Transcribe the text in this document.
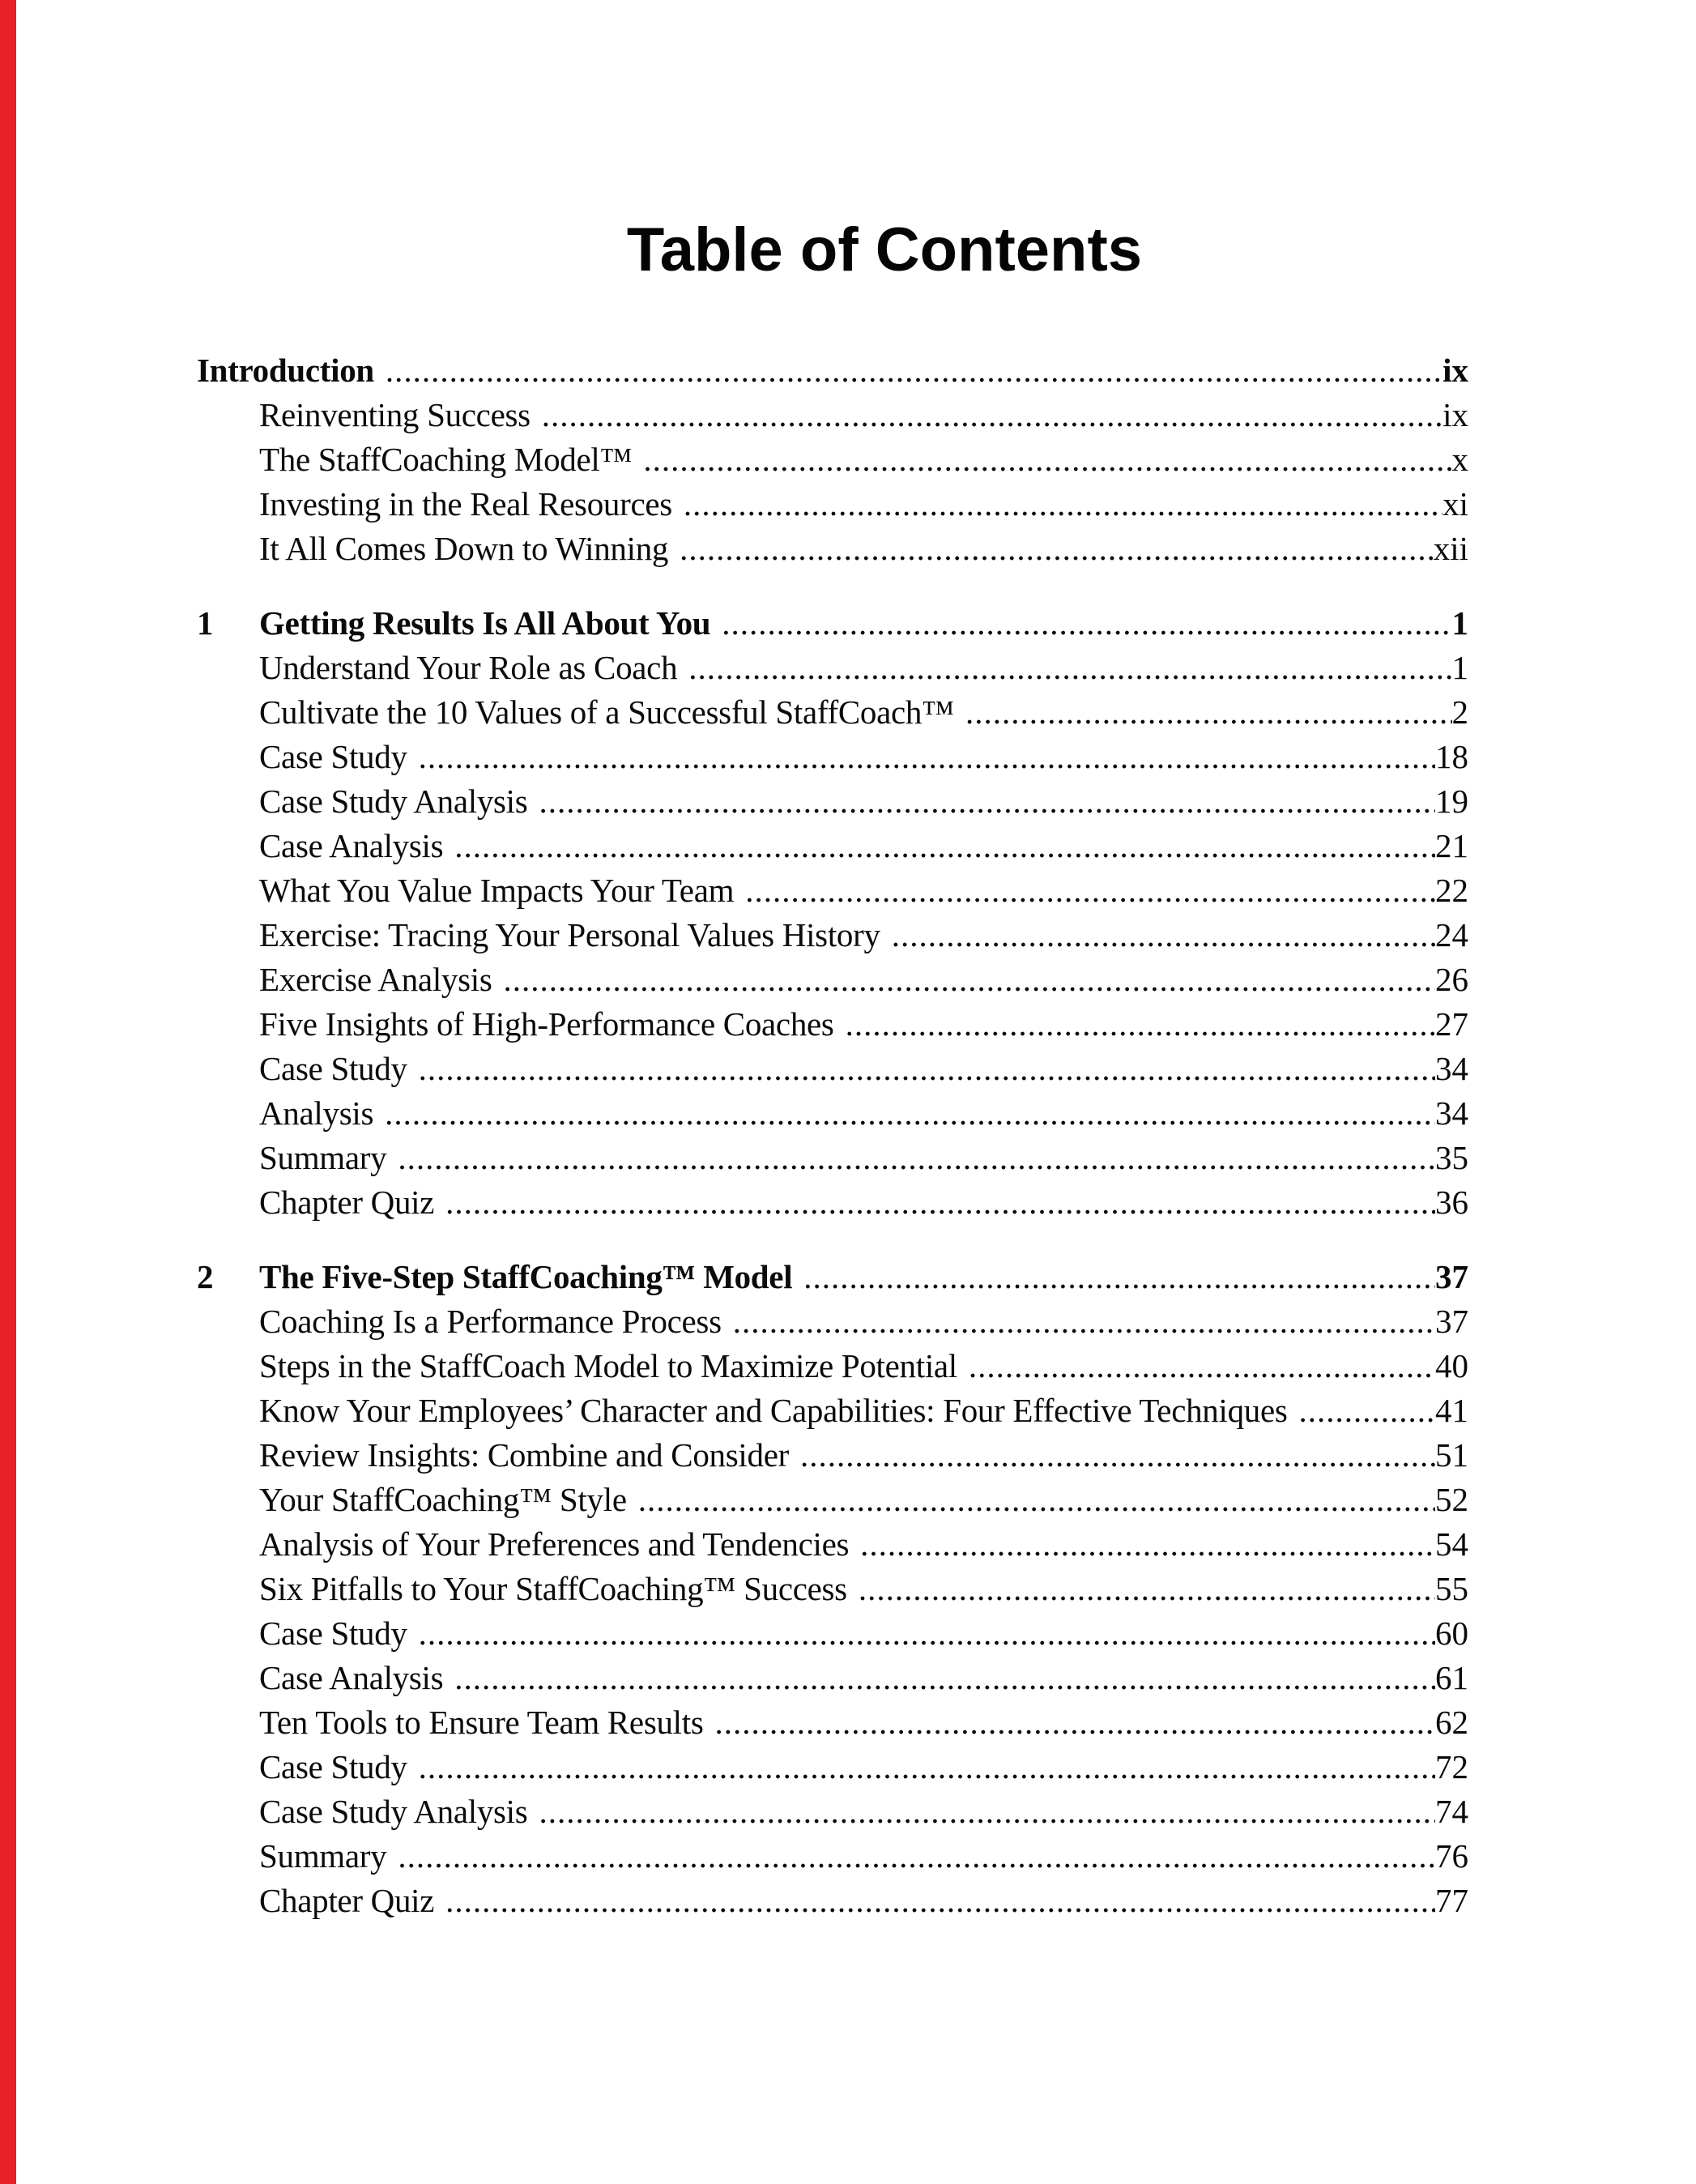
Table of Contents
Introduction .....	ix
Reinventing Success .....	ix
The StaffCoaching Model™ .....	x
Investing in the Real Resources .....	xi
It All Comes Down to Winning .....	xii
1	Getting Results Is All About You .....	1
Understand Your Role as Coach .....	1
Cultivate the 10 Values of a Successful StaffCoach™ .....	2
Case Study .....	18
Case Study Analysis .....	19
Case Analysis .....	21
What You Value Impacts Your Team .....	22
Exercise: Tracing Your Personal Values History .....	24
Exercise Analysis .....	26
Five Insights of High-Performance Coaches .....	27
Case Study .....	34
Analysis .....	34
Summary .....	35
Chapter Quiz .....	36
2	The Five-Step StaffCoaching™ Model .....	37
Coaching Is a Performance Process .....	37
Steps in the StaffCoach Model to Maximize Potential .....	40
Know Your Employees’ Character and Capabilities: Four Effective Techniques .....	41
Review Insights: Combine and Consider .....	51
Your StaffCoaching™ Style .....	52
Analysis of Your Preferences and Tendencies .....	54
Six Pitfalls to Your StaffCoaching™ Success .....	55
Case Study .....	60
Case Analysis .....	61
Ten Tools to Ensure Team Results .....	62
Case Study .....	72
Case Study Analysis .....	74
Summary .....	76
Chapter Quiz .....	77
